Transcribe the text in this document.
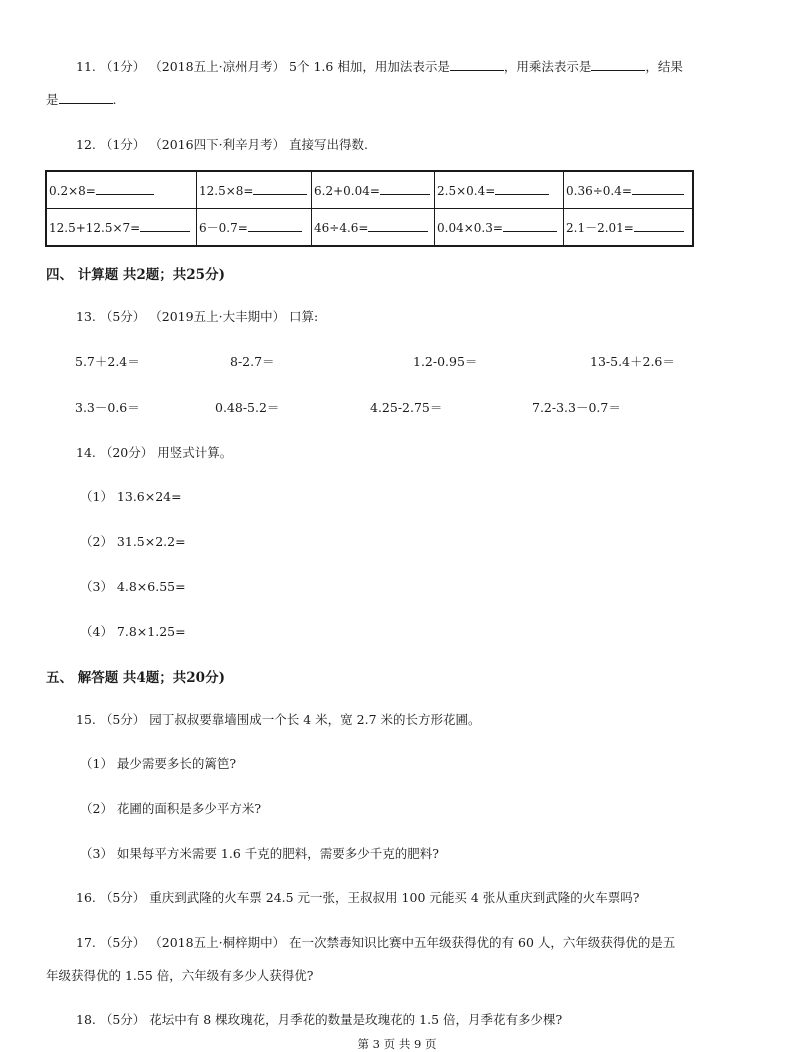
11. （1分） （2018五上·凉州月考） 5个 1.6 相加，用加法表示是	，用乘法表示是	，结果
是	.
12. （1分） （2016四下·利辛月考） 直接写出得数.
0.2×8=	12.5×8=	6.2+0.04=	2.5×0.4=	0.36÷0.4=
12.5+12.5×7=	6－0.7=	46÷4.6=	0.04×0.3=	2.1－2.01=
四、 计算题 共2题；共25分)
13. （5分） （2019五上·大丰期中） 口算:
5.7＋2.4＝	8-2.7＝	1.2-0.95＝	13-5.4＋2.6＝
3.3－0.6＝	0.48-5.2＝	4.25-2.75＝	7.2-3.3－0.7＝
14. （20分） 用竖式计算。
（1） 13.6×24=
（2） 31.5×2.2=
（3） 4.8×6.55=
（4） 7.8×1.25=
五、 解答题 共4题；共20分)
15. （5分） 园丁叔叔要靠墙围成一个长 4 米，宽 2.7 米的长方形花圃。
（1） 最少需要多长的篱笆?
（2） 花圃的面积是多少平方米?
（3） 如果每平方米需要 1.6 千克的肥料，需要多少千克的肥料?
16. （5分） 重庆到武隆的火车票 24.5 元一张，王叔叔用 100 元能买 4 张从重庆到武隆的火车票吗?
17. （5分） （2018五上·桐梓期中） 在一次禁毒知识比赛中五年级获得优的有 60 人，六年级获得优的是五
年级获得优的 1.55 倍，六年级有多少人获得优?
18. （5分） 花坛中有 8 棵玫瑰花，月季花的数量是玫瑰花的 1.5 倍，月季花有多少棵?
第 3 页 共 9 页
